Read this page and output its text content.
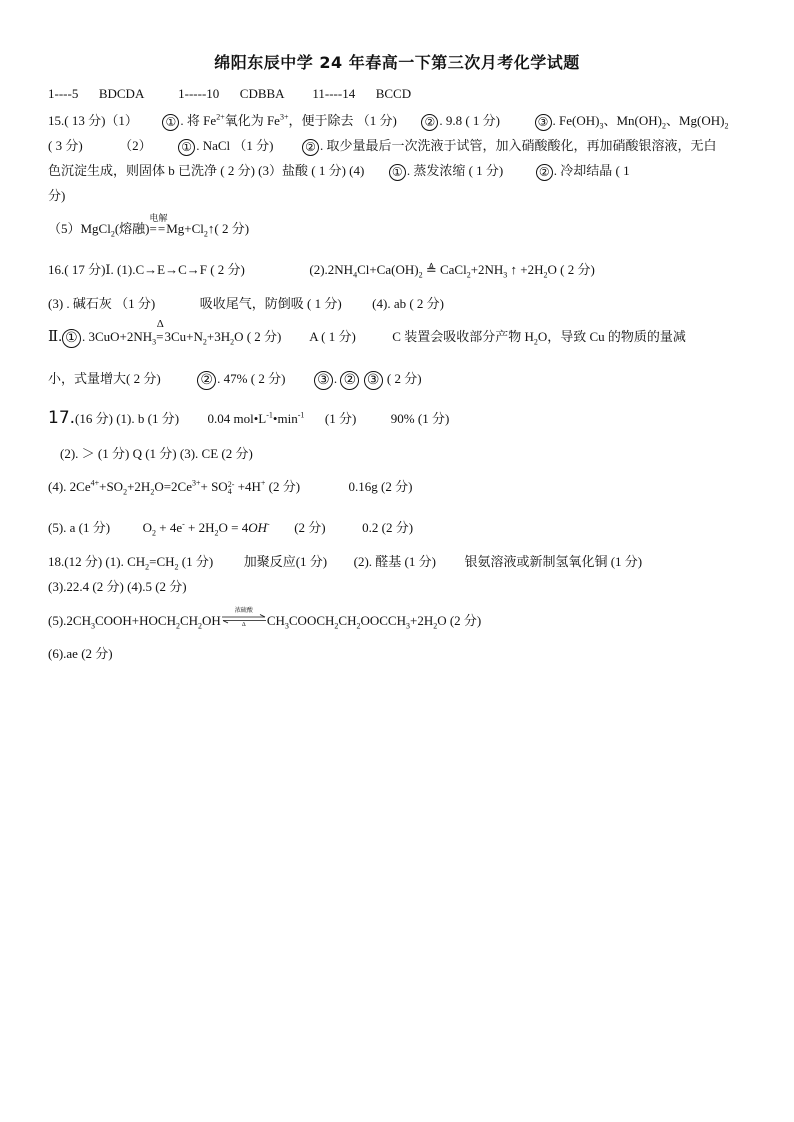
绵阳东辰中学 24 年春高一下第三次月考化学试题
1----5 BDCDA	1-----10 CDBBA 11----14 BCCD
15.( 13 分)（1） ① . 将 $Fe^{2+}$氧化为 $Fe^{3+}$，便于除去 （1 分) ② . 9.8 ( 1 分)	③ . $Fe(OH)_3$、$Mn(OH)_2$、$Mg(OH)_2$
( 3 分)	（2） ① . NaCl （1 分)	② . 取少量最后一次洗液于试管，加入硝酸酸化，再加硝酸银溶液，无白
色沉淀生成，则固体 b 已洗净 ( 2 分) (3）盐酸 ( 1 分) (4) ① . 蒸发浓缩 ( 1 分)	② . 冷却结晶 ( 1
分)
（5）MgCl$_2$(熔融)
电解
$==Mg+Cl_2↑$( 2 分)
16.( 17 分)Ⅰ. (1).C→E→C→F ( 2 分)	$(2).2NH_4Cl+Ca(OH)_2$ ≜ $CaCl_2+2NH_3$ ↑ $+2H_2O$ ( 2 分)
(3) . 碱石灰 （1 分)	吸收尾气，防倒吸 ( 1 分) (4). ab ( 2 分)
Ⅱ. ① . $3CuO+2NH_3$
Δ
$=3Cu+N_2+3H_2O$ ( 2 分) A ( 1 分)	C 装置会吸收部分产物 $H_2O$，导致 Cu 的物质的量减
小，式量增大( 2 分)	② . 47% ( 2 分) ③ . ② ③ ( 2 分)
17.(16 分) (1). b (1 分) 0.04 $mol•L^{-1}•\min^{-1}$ (1 分)	90% (1 分)
(2). ＞ (1 分) Q (1 分) (3). CE (2 分)
(4). $2Ce^{4+}+SO_2+2H_2O=2Ce^{3+}+$ SO 2-
4 +4H+ (2 分)	0.16g (2 分)
(5). a (1 分)	$O_2 + 4e^- + 2H_2O = 4OH^-$ (2 分)	0.2 (2 分)
18.(12 分) (1). $CH_2=CH_2$ (1 分) 加聚反应(1 分) (2). 醛基 (1 分) 银氨溶液或新制氢氧化铜 (1 分)
(3).22.4 (2 分) (4).5 (2 分)
$(5).2CH_3COOH+HOCH_2CH_2OH$
浓硫酸
Δ	$CH_3COOCH_2CH_2OOCCH_3+2H_2O$ (2 分)
(6).ae (2 分)
